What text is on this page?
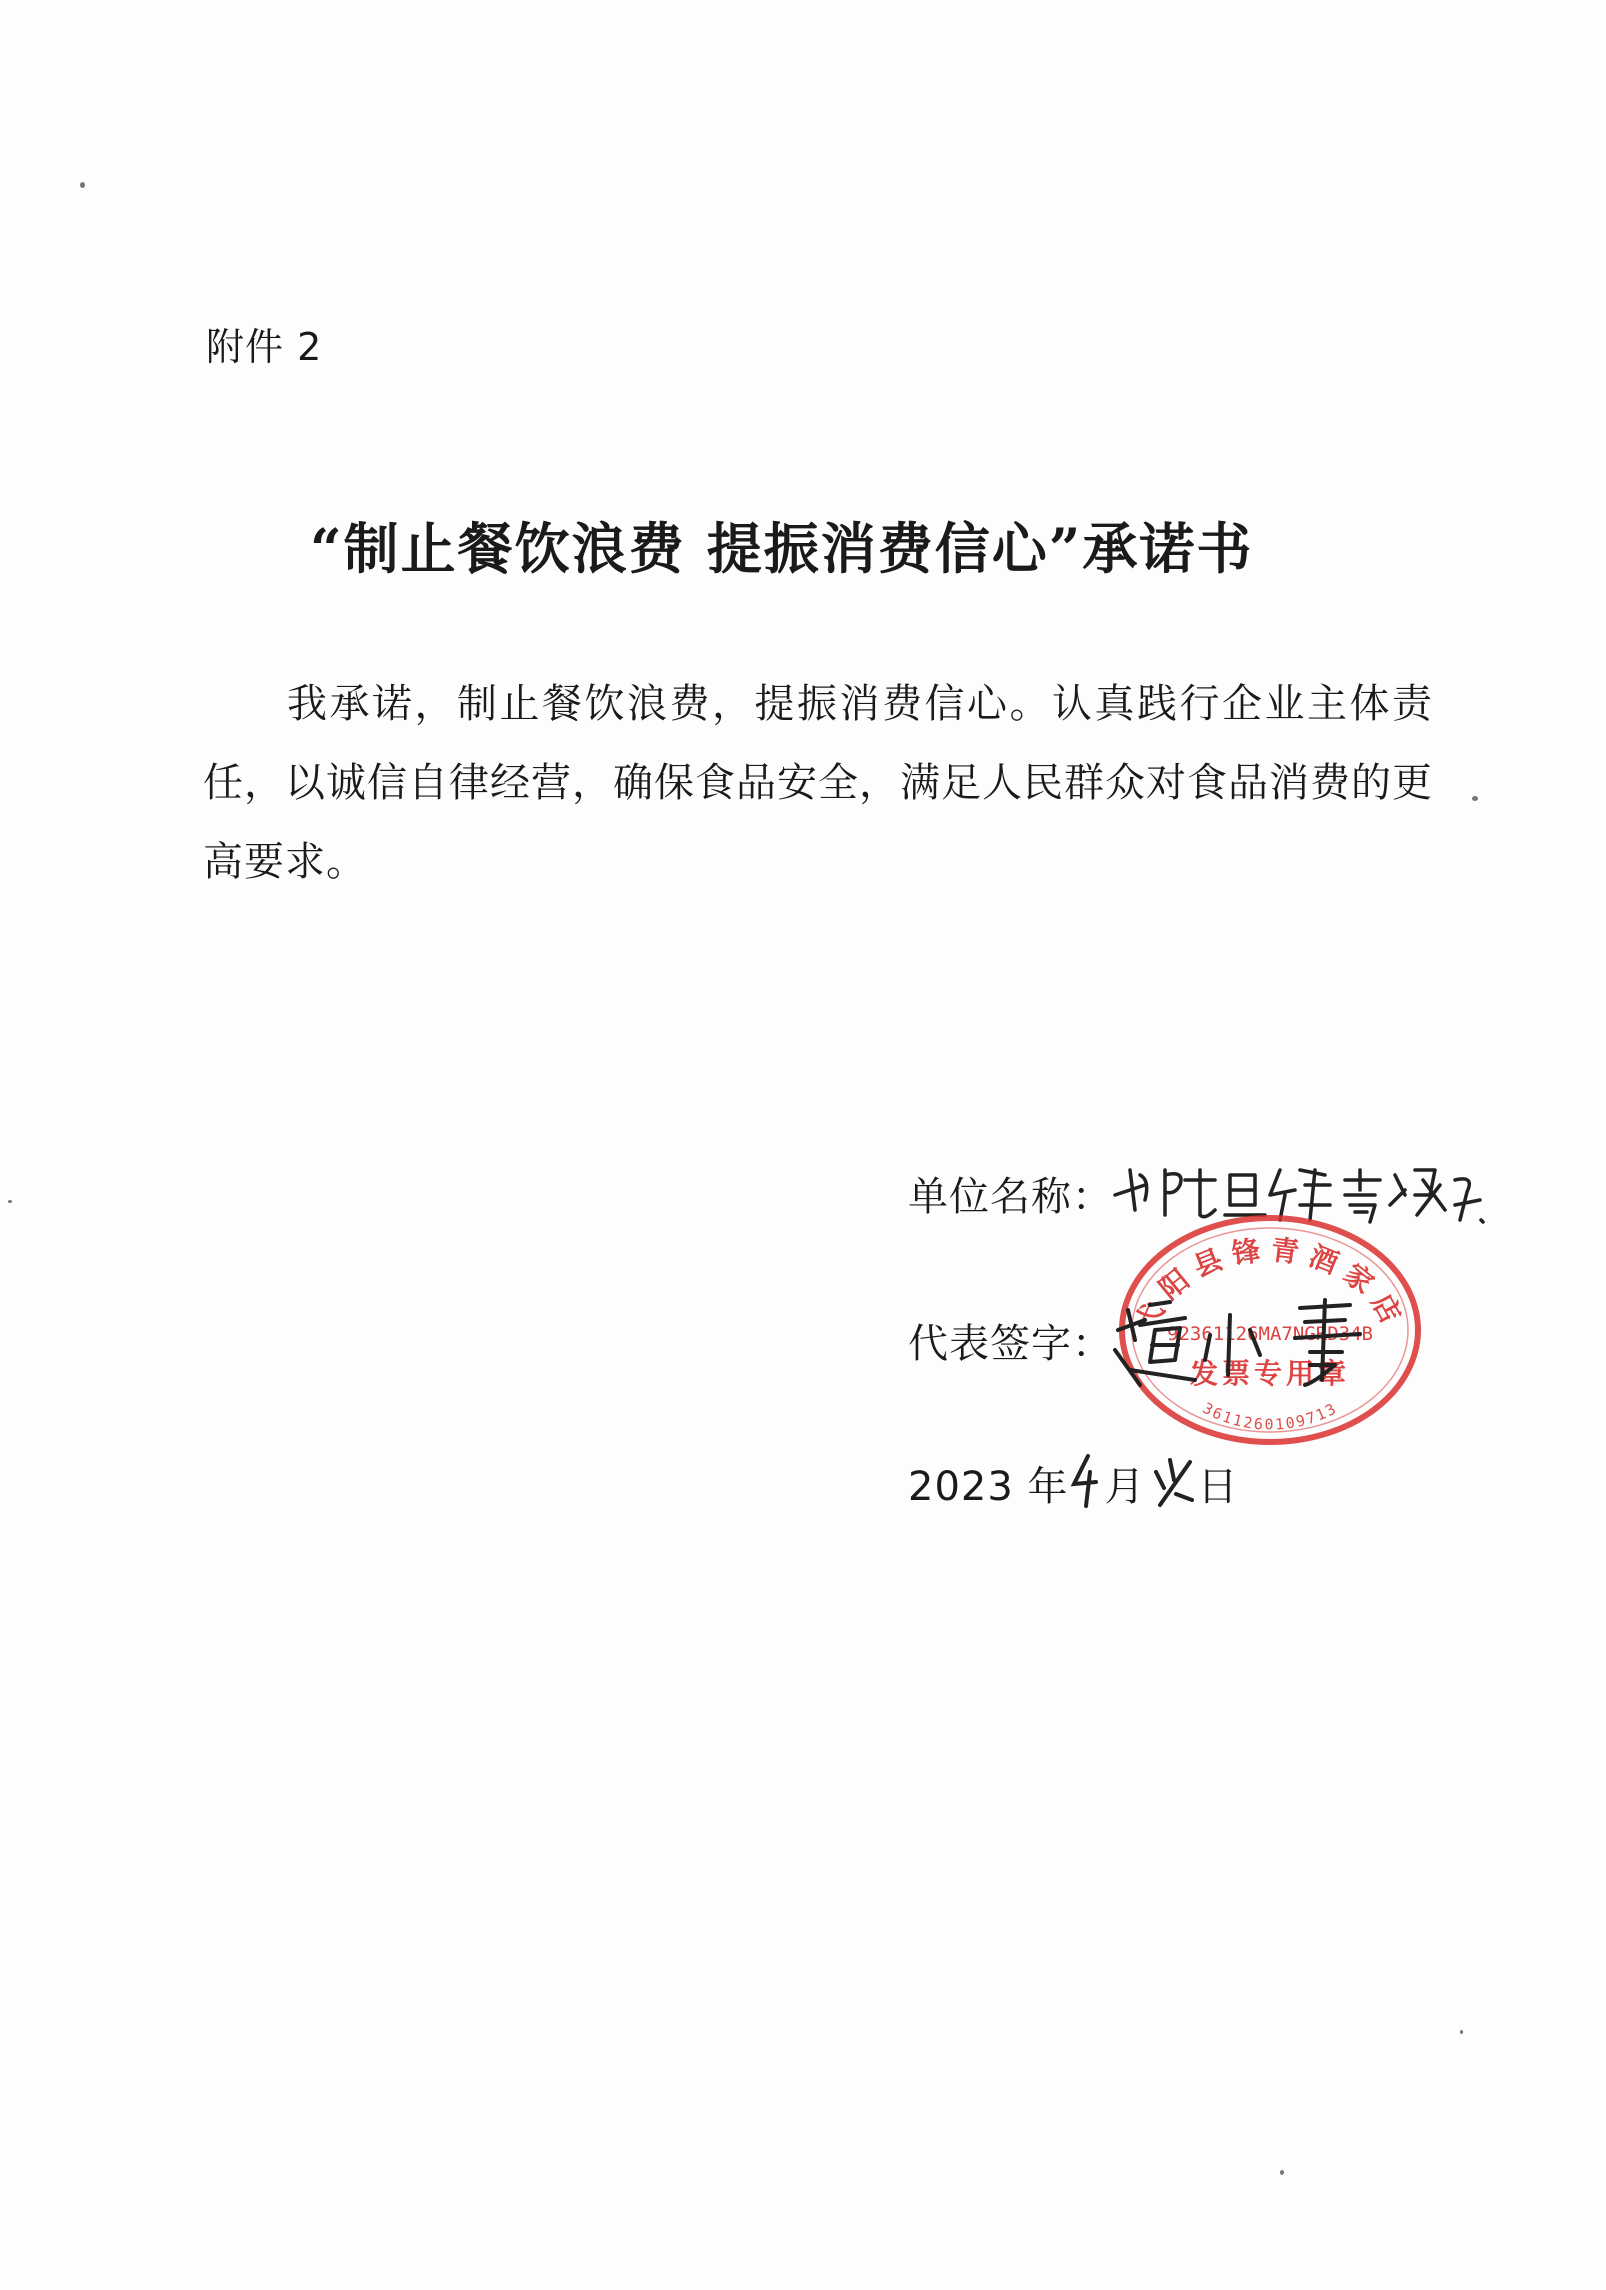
附件 2
“制止餐饮浪费 提振消费信心”承诺书
我承诺，制止餐饮浪费，提振消费信心。认真践行企业主体责任，以诚信自律经营，确保食品安全，满足人民群众对食品消费的更高要求。
单位名称：
代表签字：
2023 年 月 日
弋阳县锋青酒家店
92361126MA7NGRD34B
发票专用章
3611260109713
